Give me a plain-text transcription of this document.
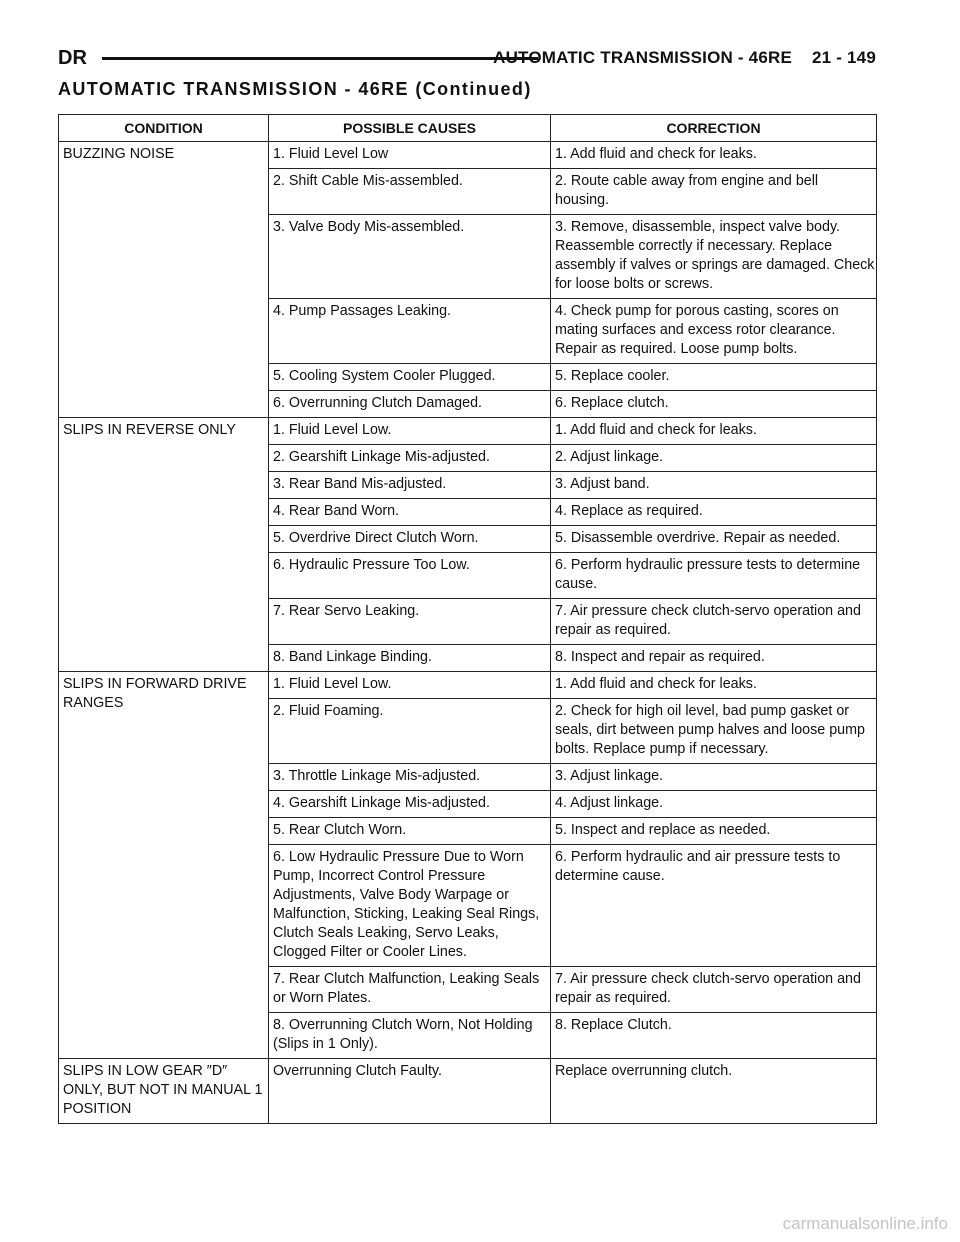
DR	AUTOMATIC TRANSMISSION - 46RE 21 - 149
AUTOMATIC TRANSMISSION - 46RE (Continued)
CONDITION	POSSIBLE CAUSES	CORRECTION
BUZZING NOISE	1. Fluid Level Low	1. Add fluid and check for leaks.
	2. Shift Cable Mis-assembled.	2. Route cable away from engine and bell housing.
	3. Valve Body Mis-assembled.	3. Remove, disassemble, inspect valve body. Reassemble correctly if necessary. Replace assembly if valves or springs are damaged. Check for loose bolts or screws.
	4. Pump Passages Leaking.	4. Check pump for porous casting, scores on mating surfaces and excess rotor clearance. Repair as required. Loose pump bolts.
	5. Cooling System Cooler Plugged.	5. Replace cooler.
	6. Overrunning Clutch Damaged.	6. Replace clutch.
SLIPS IN REVERSE ONLY	1. Fluid Level Low.	1. Add fluid and check for leaks.
	2. Gearshift Linkage Mis-adjusted.	2. Adjust linkage.
	3. Rear Band Mis-adjusted.	3. Adjust band.
	4. Rear Band Worn.	4. Replace as required.
	5. Overdrive Direct Clutch Worn.	5. Disassemble overdrive. Repair as needed.
	6. Hydraulic Pressure Too Low.	6. Perform hydraulic pressure tests to determine cause.
	7. Rear Servo Leaking.	7. Air pressure check clutch-servo operation and repair as required.
	8. Band Linkage Binding.	8. Inspect and repair as required.
SLIPS IN FORWARD DRIVE RANGES	1. Fluid Level Low.	1. Add fluid and check for leaks.
	2. Fluid Foaming.	2. Check for high oil level, bad pump gasket or seals, dirt between pump halves and loose pump bolts. Replace pump if necessary.
	3. Throttle Linkage Mis-adjusted.	3. Adjust linkage.
	4. Gearshift Linkage Mis-adjusted.	4. Adjust linkage.
	5. Rear Clutch Worn.	5. Inspect and replace as needed.
	6. Low Hydraulic Pressure Due to Worn Pump, Incorrect Control Pressure Adjustments, Valve Body Warpage or Malfunction, Sticking, Leaking Seal Rings, Clutch Seals Leaking, Servo Leaks, Clogged Filter or Cooler Lines.	6. Perform hydraulic and air pressure tests to determine cause.
	7. Rear Clutch Malfunction, Leaking Seals or Worn Plates.	7. Air pressure check clutch-servo operation and repair as required.
	8. Overrunning Clutch Worn, Not Holding (Slips in 1 Only).	8. Replace Clutch.
SLIPS IN LOW GEAR ″D″ ONLY, BUT NOT IN MANUAL 1 POSITION	Overrunning Clutch Faulty.	Replace overrunning clutch.
carmanualsonline.info
